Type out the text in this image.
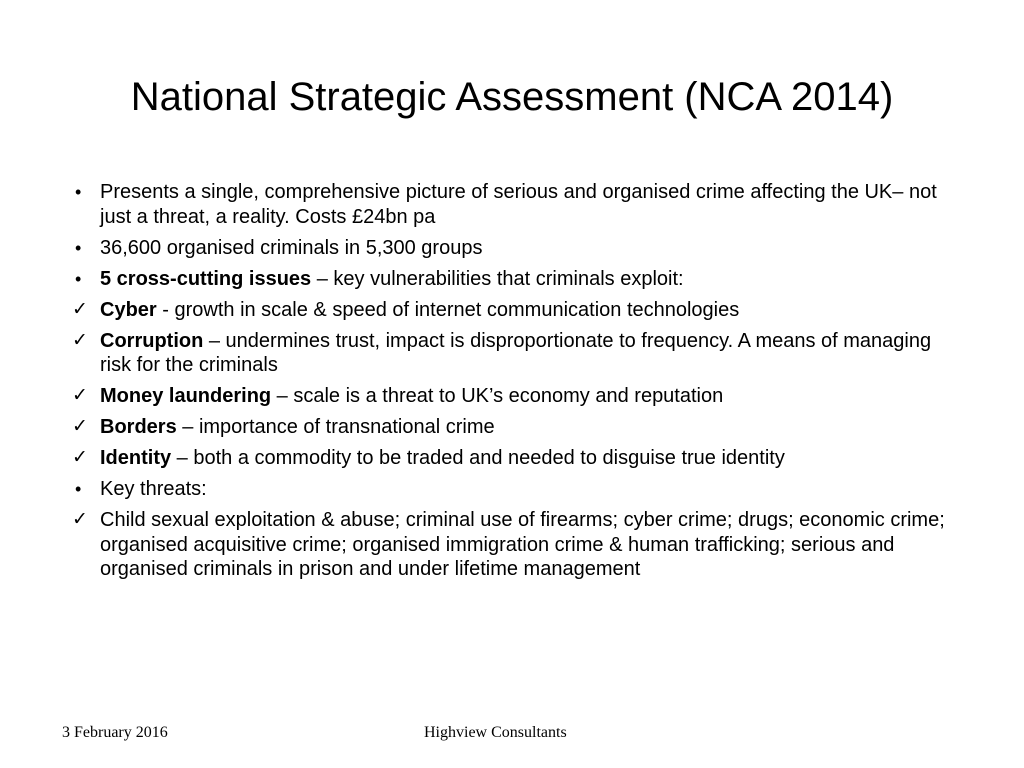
National Strategic Assessment (NCA 2014)
• Presents a single, comprehensive picture of serious and organised crime affecting the UK– not just a threat, a reality. Costs £24bn pa
• 36,600 organised criminals in 5,300 groups
• 5 cross-cutting issues – key vulnerabilities that criminals exploit:
✓ Cyber - growth in scale & speed of internet communication technologies
✓ Corruption – undermines trust, impact is disproportionate to frequency. A means of managing risk for the criminals
✓ Money laundering – scale is a threat to UK’s economy and reputation
✓ Borders – importance of transnational crime
✓ Identity – both a commodity to be traded and needed to disguise true identity
• Key threats:
✓ Child sexual exploitation & abuse; criminal use of firearms; cyber crime; drugs; economic crime; organised acquisitive crime; organised immigration crime & human trafficking; serious and organised criminals in prison and under lifetime management
3 February 2016	Highview Consultants
